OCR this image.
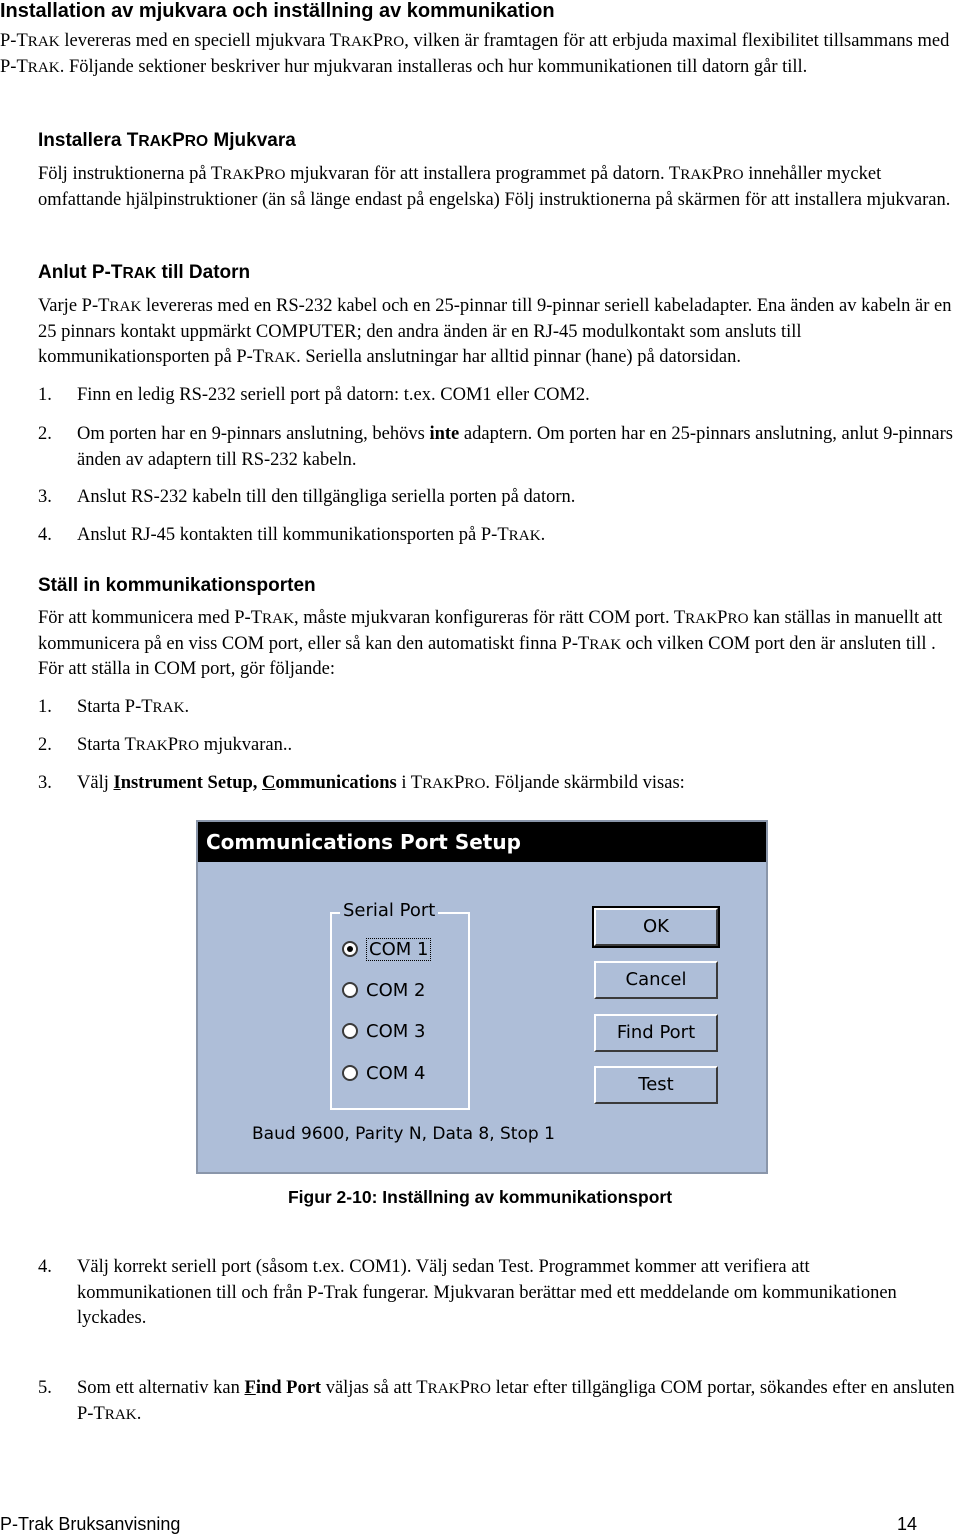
Installation av mjukvara och inställning av kommunikation
P-TRAK levereras med en speciell mjukvara TRAKPRO, vilken är framtagen för att erbjuda maximal flexibilitet tillsammans med P-TRAK. Följande sektioner beskriver hur mjukvaran installeras och hur kommunikationen till datorn går till.
Installera TRAKPRO Mjukvara
Följ instruktionerna på TRAKPRO mjukvaran för att installera programmet på datorn. TRAKPRO innehåller mycket omfattande hjälpinstruktioner (än så länge endast på engelska) Följ instruktionerna på skärmen för att installera mjukvaran.
Anlut P-TRAK till Datorn
Varje P-TRAK levereras med en RS-232 kabel och en 25-pinnar till 9-pinnar seriell kabeladapter. Ena änden av kabeln är en 25 pinnars kontakt uppmärkt COMPUTER; den andra änden är en RJ-45 modulkontakt som ansluts till kommunikationsporten på P-TRAK. Seriella anslutningar har alltid pinnar (hane) på datorsidan.
1. Finn en ledig RS-232 seriell port på datorn: t.ex. COM1 eller COM2.
2. Om porten har en 9-pinnars anslutning, behövs inte adaptern. Om porten har en 25-pinnars anslutning, anlut 9-pinnars änden av adaptern till RS-232 kabeln.
3. Anslut RS-232 kabeln till den tillgängliga seriella porten på datorn.
4. Anslut RJ-45 kontakten till kommunikationsporten på P-TRAK.
Ställ in kommunikationsporten
För att kommunicera med P-TRAK, måste mjukvaran konfigureras för rätt COM port. TRAKPRO kan ställas in manuellt att kommunicera på en viss COM port, eller så kan den automatiskt finna P-TRAK och vilken COM port den är ansluten till . För att ställa in COM port, gör följande:
1. Starta P-TRAK.
2. Starta TRAKPRO mjukvaran..
3. Välj Instrument Setup, Communications i TRAKPRO. Följande skärmbild visas:
Communications Port Setup
Serial Port
COM 1
COM 2
COM 3
COM 4
OK
Cancel
Find Port
Test
Baud 9600, Parity N, Data 8, Stop 1
Figur 2-10: Inställning av kommunikationsport
4. Välj korrekt seriell port (såsom t.ex. COM1). Välj sedan Test. Programmet kommer att verifiera att kommunikationen till och från P-Trak fungerar. Mjukvaran berättar med ett meddelande om kommunikationen lyckades.
5. Som ett alternativ kan Find Port väljas så att TRAKPRO letar efter tillgängliga COM portar, sökandes efter en ansluten P-TRAK.
P-Trak Bruksanvisning	14
